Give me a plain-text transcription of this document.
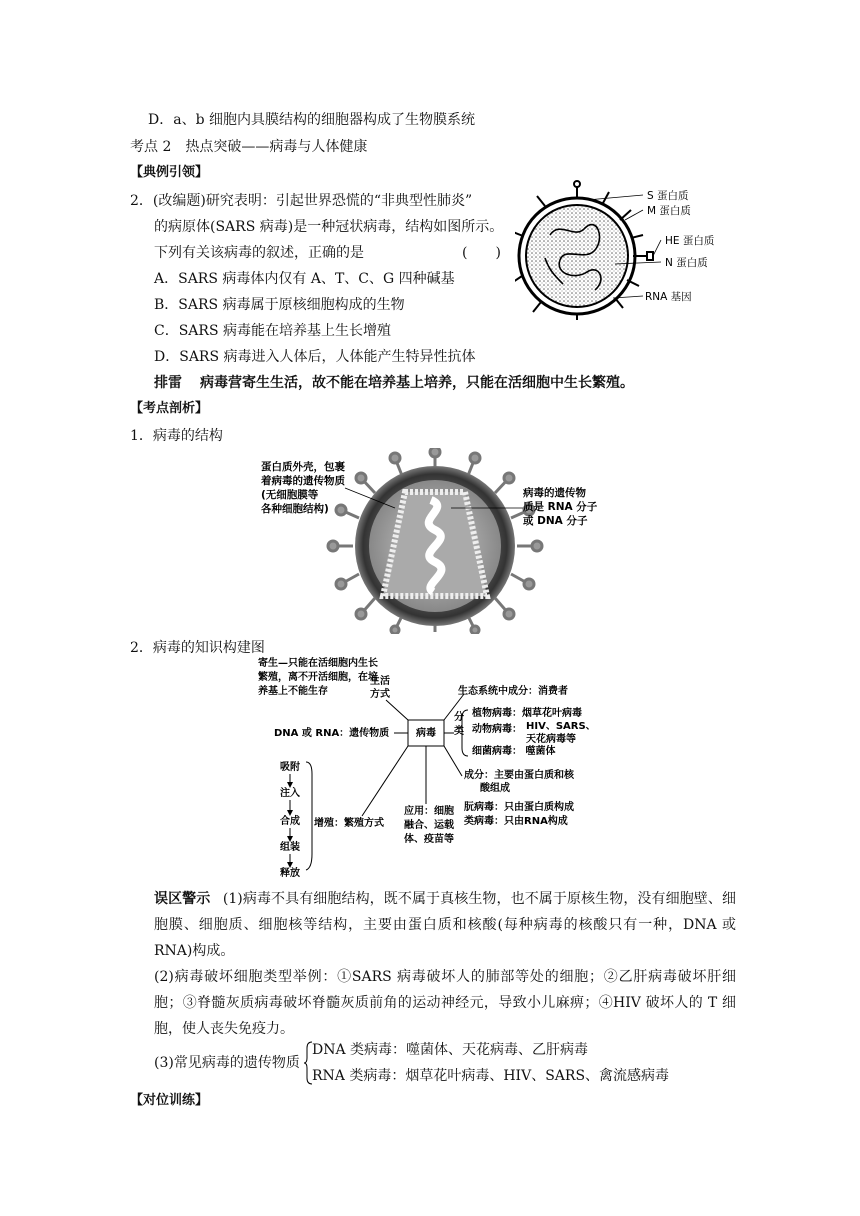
D．a、b 细胞内具膜结构的细胞器构成了生物膜系统
考点 2　热点突破——病毒与人体健康
【典例引领】
2．(改编题)研究表明：引起世界恐慌的“非典型性肺炎”
的病原体(SARS 病毒)是一种冠状病毒，结构如图所示。
下列有关该病毒的叙述，正确的是	(　　)
A．SARS 病毒体内仅有 A、T、C、G 四种碱基
B．SARS 病毒属于原核细胞构成的生物
C．SARS 病毒能在培养基上生长增殖
D．SARS 病毒进入人体后，人体能产生特异性抗体
排雷 病毒营寄生生活，故不能在培养基上培养，只能在活细胞中生长繁殖。
S 蛋白质
M 蛋白质
HE 蛋白质
N 蛋白质
RNA 基因
【考点剖析】
1．病毒的结构
蛋白质外壳，包裹
着病毒的遗传物质
(无细胞膜等
各种细胞结构)
病毒的遗传物
质是 RNA 分子
或 DNA 分子
2．病毒的知识构建图
寄生—只能在活细胞内生长
繁殖，离不开活细胞，在培
养基上不能生存
生活
方式	生态系统中成分：消费者
分
类
植物病毒：烟草花叶病毒
动物病毒： HIV、SARS、
天花病毒等
细菌病毒： 噬菌体
DNA 或 RNA：遗传物质	病毒
成分：主要由蛋白质和核
酸组成
朊病毒：只由蛋白质构成
类病毒：只由RNA构成
应用：细胞
融合、运载
体、疫苗等
吸附
注入
合成
组装
释放
增殖：繁殖方式
误区警示 (1)病毒不具有细胞结构，既不属于真核生物，也不属于原核生物，没有细胞壁、细胞膜、细胞质、细胞核等结构，主要由蛋白质和核酸(每种病毒的核酸只有一种，DNA 或 RNA)构成。
(2)病毒破坏细胞类型举例：①SARS 病毒破坏人的肺部等处的细胞；②乙肝病毒破坏肝细胞；③脊髓灰质病毒破坏脊髓灰质前角的运动神经元，导致小儿麻痹；④HIV 破坏人的 T 细胞，使人丧失免疫力。
(3)常见病毒的遗传物质
DNA 类病毒：噬菌体、天花病毒、乙肝病毒
RNA 类病毒：烟草花叶病毒、HIV、SARS、禽流感病毒
【对位训练】
